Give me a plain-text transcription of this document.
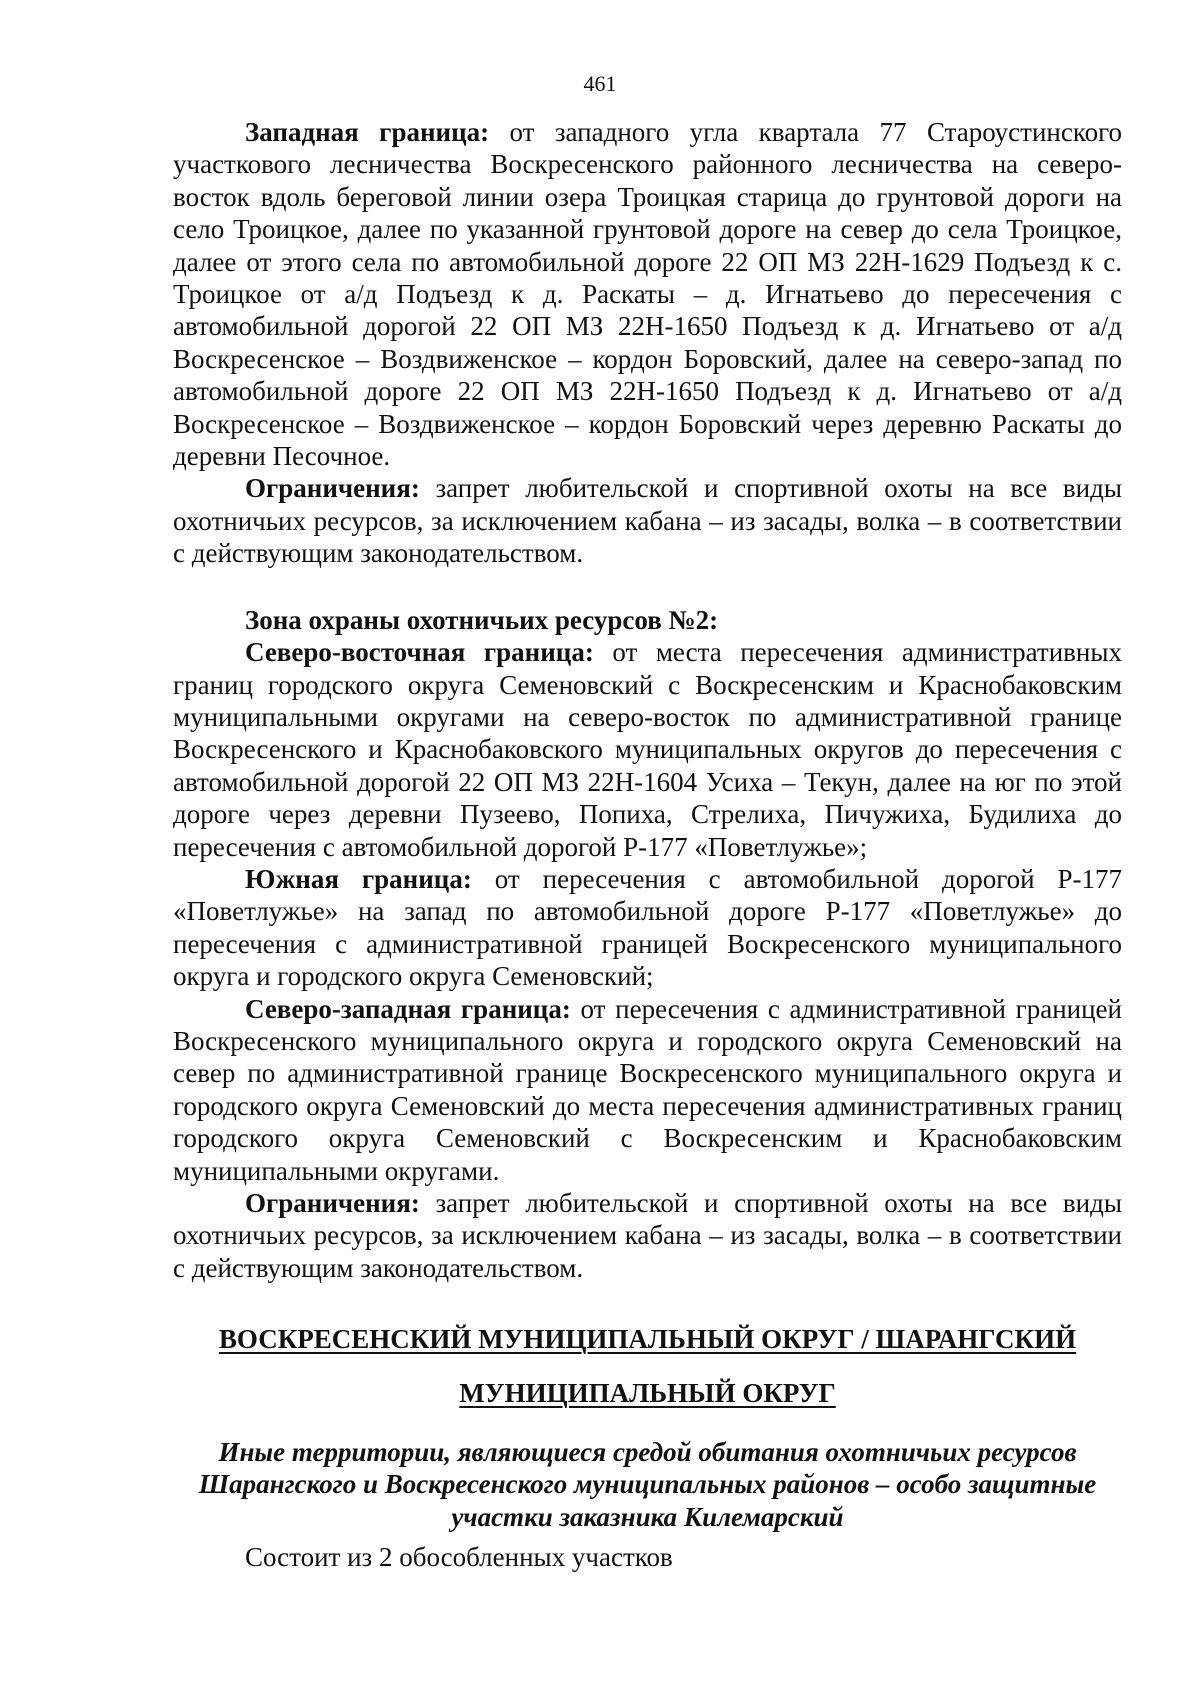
461

Западная граница: от западного угла квартала 77 Староустинского участкового лесничества Воскресенского районного лесничества на северо-восток вдоль береговой линии озера Троицкая старица до грунтовой дороги на село Троицкое, далее по указанной грунтовой дороге на север до села Троицкое, далее от этого села по автомобильной дороге 22 ОП МЗ 22Н-1629 Подъезд к с. Троицкое от а/д Подъезд к д. Раскаты – д. Игнатьево до пересечения с автомобильной дорогой 22 ОП МЗ 22Н-1650 Подъезд к д. Игнатьево от а/д Воскресенское – Воздвиженское – кордон Боровский, далее на северо-запад по автомобильной дороге 22 ОП МЗ 22Н-1650 Подъезд к д. Игнатьево от а/д Воскресенское – Воздвиженское – кордон Боровский через деревню Раскаты до деревни Песочное.

Ограничения: запрет любительской и спортивной охоты на все виды охотничьих ресурсов, за исключением кабана – из засады, волка – в соответствии с действующим законодательством.

Зона охраны охотничьих ресурсов №2:

Северо-восточная граница: от места пересечения административных границ городского округа Семеновский с Воскресенским и Краснобаковским муниципальными округами на северо-восток по административной границе Воскресенского и Краснобаковского муниципальных округов до пересечения с автомобильной дорогой 22 ОП МЗ 22Н-1604 Усиха – Текун, далее на юг по этой дороге через деревни Пузеево, Попиха, Стрелиха, Пичужиха, Будилиха до пересечения с автомобильной дорогой Р-177 «Поветлужье»;

Южная граница: от пересечения с автомобильной дорогой Р-177 «Поветлужье» на запад по автомобильной дороге Р-177 «Поветлужье» до пересечения с административной границей Воскресенского муниципального округа и городского округа Семеновский;

Северо-западная граница: от пересечения с административной границей Воскресенского муниципального округа и городского округа Семеновский на север по административной границе Воскресенского муниципального округа и городского округа Семеновский до места пересечения административных границ городского округа Семеновский с Воскресенским и Краснобаковским муниципальными округами.

Ограничения: запрет любительской и спортивной охоты на все виды охотничьих ресурсов, за исключением кабана – из засады, волка – в соответствии с действующим законодательством.

ВОСКРЕСЕНСКИЙ МУНИЦИПАЛЬНЫЙ ОКРУГ / ШАРАНГСКИЙ
МУНИЦИПАЛЬНЫЙ ОКРУГ

Иные территории, являющиеся средой обитания охотничьих ресурсов Шарангского и Воскресенского муниципальных районов – особо защитные участки заказника Килемарский

Состоит из 2 обособленных участков
